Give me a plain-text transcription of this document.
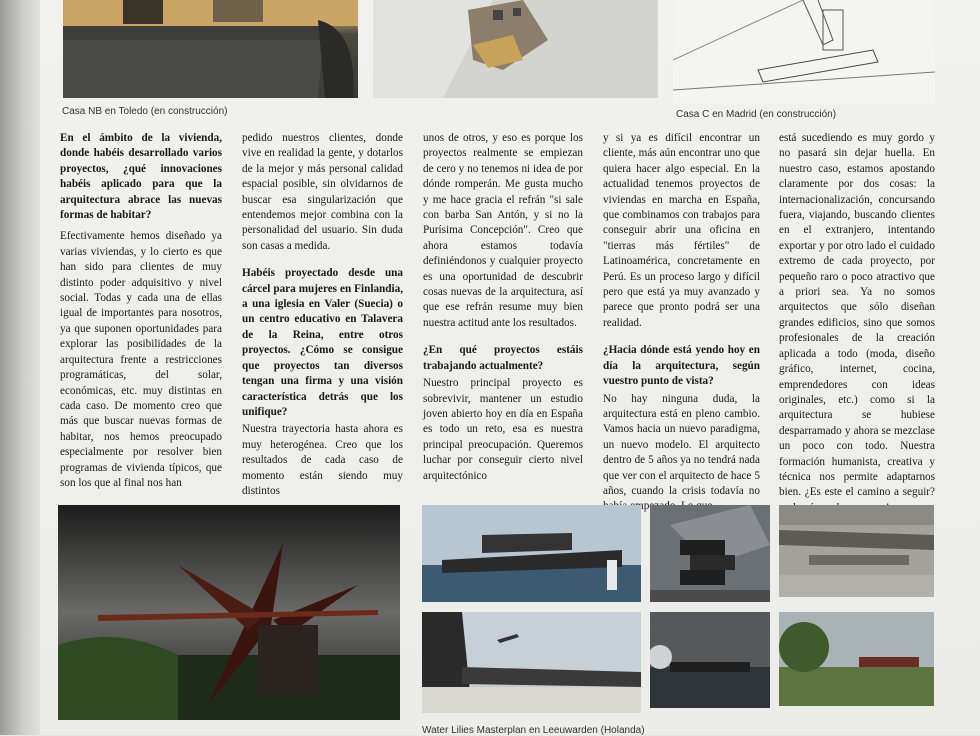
Casa NB en Toledo (en construcción)	Casa C en Madrid (en construcción)

En el ámbito de la vivienda, donde habéis desarrollado varios proyectos, ¿qué innovaciones habéis aplicado para que la arquitectura abrace las nuevas formas de habitar?

Efectivamente hemos diseñado ya varias viviendas, y lo cierto es que han sido para clientes de muy distinto poder adquisitivo y nivel social. Todas y cada una de ellas igual de importantes para nosotros, ya que suponen oportunidades para explorar las posibilidades de la arquitectura frente a restricciones programáticas, del solar, económicas, etc. muy distintas en cada caso. De momento creo que más que buscar nuevas formas de habitar, nos hemos preocupado especialmente por resolver bien programas de vivienda típicos, que son los que al final nos han

pedido nuestros clientes, donde vive en realidad la gente, y dotarlos de la mejor y más personal calidad espacial posible, sin olvidarnos de buscar esa singularización que entendemos mejor combina con la personalidad del usuario. Sin duda son casas a medida.

Habéis proyectado desde una cárcel para mujeres en Finlandia, a una iglesia en Valer (Suecia) o un centro educativo en Talavera de la Reina, entre otros proyectos. ¿Cómo se consigue que proyectos tan diversos tengan una firma y una visión característica detrás que los unifique?

Nuestra trayectoria hasta ahora es muy heterogénea. Creo que los resultados de cada caso de momento están siendo muy distintos

unos de otros, y eso es porque los proyectos realmente se empiezan de cero y no tenemos ni idea de por dónde romperán. Me gusta mucho y me hace gracia el refrán "si sale con barba San Antón, y si no la Purísima Concepción". Creo que ahora estamos todavía definiéndonos y cualquier proyecto es una oportunidad de descubrir cosas nuevas de la arquitectura, así que ese refrán resume muy bien nuestra actitud ante los resultados.

¿En qué proyectos estáis trabajando actualmente?

Nuestro principal proyecto es sobrevivir, mantener un estudio joven abierto hoy en día en España es todo un reto, esa es nuestra principal preocupación. Queremos luchar por conseguir cierto nivel arquitectónico

y si ya es difícil encontrar un cliente, más aún encontrar uno que quiera hacer algo especial. En la actualidad tenemos proyectos de viviendas en marcha en España, que combinamos con trabajos para conseguir abrir una oficina en "tierras más fértiles" de Latinoamérica, concretamente en Perú. Es un proceso largo y difícil pero que está ya muy avanzado y parece que pronto podrá ser una realidad.

¿Hacia dónde está yendo hoy en día la arquitectura, según vuestro punto de vista?

No hay ninguna duda, la arquitectura está en pleno cambio. Vamos hacia un nuevo paradigma, un nuevo modelo. El arquitecto dentro de 5 años ya no tendrá nada que ver con el arquitecto de hace 5 años, cuando la crisis todavía no

está sucediendo es muy gordo y no pasará sin dejar huella. En nuestro caso, estamos apostando claramente por dos cosas: la internacionalización, concursando fuera, viajando, buscando clientes en el extranjero, intentando exportar y por otro lado el cuidado extremo de cada proyecto, por pequeño raro o poco atractivo que a priori sea. Ya no somos arquitectos que sólo diseñan grandes edificios, sino que somos profesionales de la creación aplicada a todo (moda, diseño gráfico, internet, cocina, emprendedores con ideas originales, etc.) como si la arquitectura se hubiese desparramado y ahora se mezclase un poco con todo. Nuestra formación humanista, creativa y técnica nos permite adaptarnos bien. ¿Es este el camino a seguir?

Water Lilies Masterplan en Leeuwarden (Holanda)
